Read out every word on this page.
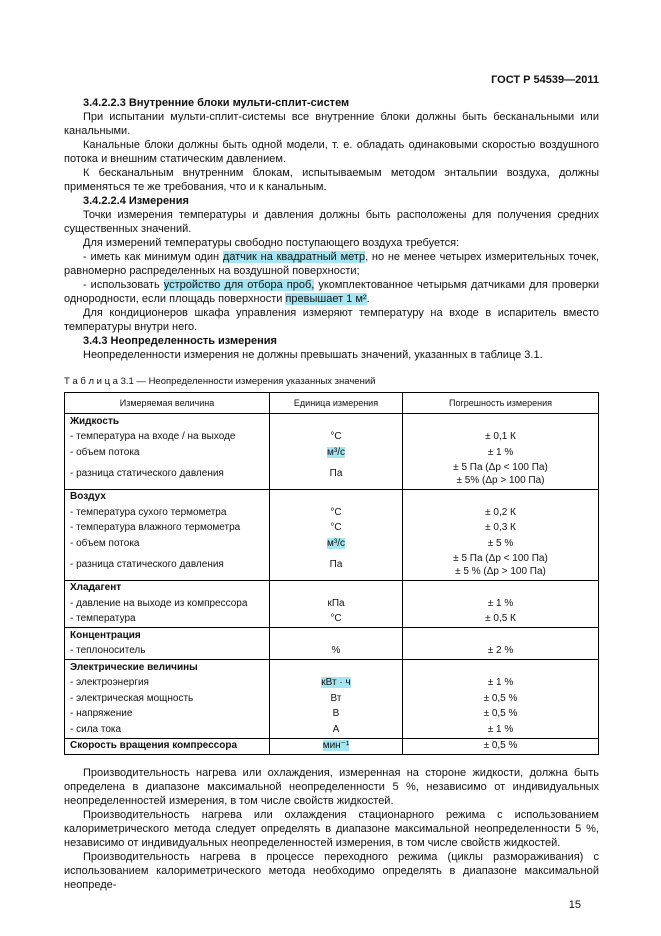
ГОСТ Р 54539—2011

3.4.2.2.3 Внутренние блоки мульти-сплит-систем

При испытании мульти-сплит-системы все внутренние блоки должны быть бесканальными или канальными.

Канальные блоки должны быть одной модели, т. е. обладать одинаковыми скоростью воздушного потока и внешним статическим давлением.

К бесканальным внутренним блокам, испытываемым методом энтальпии воздуха, должны применяться те же требования, что и к канальным.

3.4.2.2.4 Измерения

Точки измерения температуры и давления должны быть расположены для получения средних существенных значений.

Для измерений температуры свободно поступающего воздуха требуется:

- иметь как минимум один датчик на квадратный метр, но не менее четырех измерительных точек, равномерно распределенных на воздушной поверхности;

- использовать устройство для отбора проб, укомплектованное четырьмя датчиками для проверки однородности, если площадь поверхности превышает 1 м².

Для кондиционеров шкафа управления измеряют температуру на входе в испаритель вместо температуры внутри него.

3.4.3 Неопределенность измерения

Неопределенности измерения не должны превышать значений, указанных в таблице 3.1.

Т а б л и ц а 3.1 — Неопределенности измерения указанных значений

Измеряемая величина	Единица измерения	Погрешность измерения
Жидкость		

- температура на входе / на выходе	°С	± 0,1 К

- объем потока	м³/с	± 1 %

- разница статического давления	Па	± 5 Па (Δp < 100 Па)
± 5% (Δp > 100 Па)

Воздух		

- температура сухого термометра	°С	± 0,2 К

- температура влажного термометра	°С	± 0,3 К

- объем потока	м³/с	± 5 %

- разница статического давления	Па	± 5 Па (Δp < 100 Па)
± 5 % (Δp > 100 Па)

Хладагент		

- давление на выходе из компрессора	кПа	± 1 %

- температура	°С	± 0,5 К

Концентрация		

- теплоноситель	%	± 2 %

Электрические величины		

- электроэнергия	кВт · ч	± 1 %

- электрическая мощность	Вт	± 0,5 %

- напряжение	В	± 0,5 %

- сила тока	А	± 1 %

Скорость вращения компрессора	мин⁻¹	± 0,5 %

Производительность нагрева или охлаждения, измеренная на стороне жидкости, должна быть определена в диапазоне максимальной неопределенности 5 %, независимо от индивидуальных неопределенностей измерения, в том числе свойств жидкостей.

Производительность нагрева или охлаждения стационарного режима с использованием калориметрического метода следует определять в диапазоне максимальной неопределенности 5 %, независимо от индивидуальных неопределенностей измерения, в том числе свойств жидкостей.

Производительность нагрева в процессе переходного режима (циклы размораживания) с использованием калориметрического метода необходимо определять в диапазоне максимальной неопреде-

15
